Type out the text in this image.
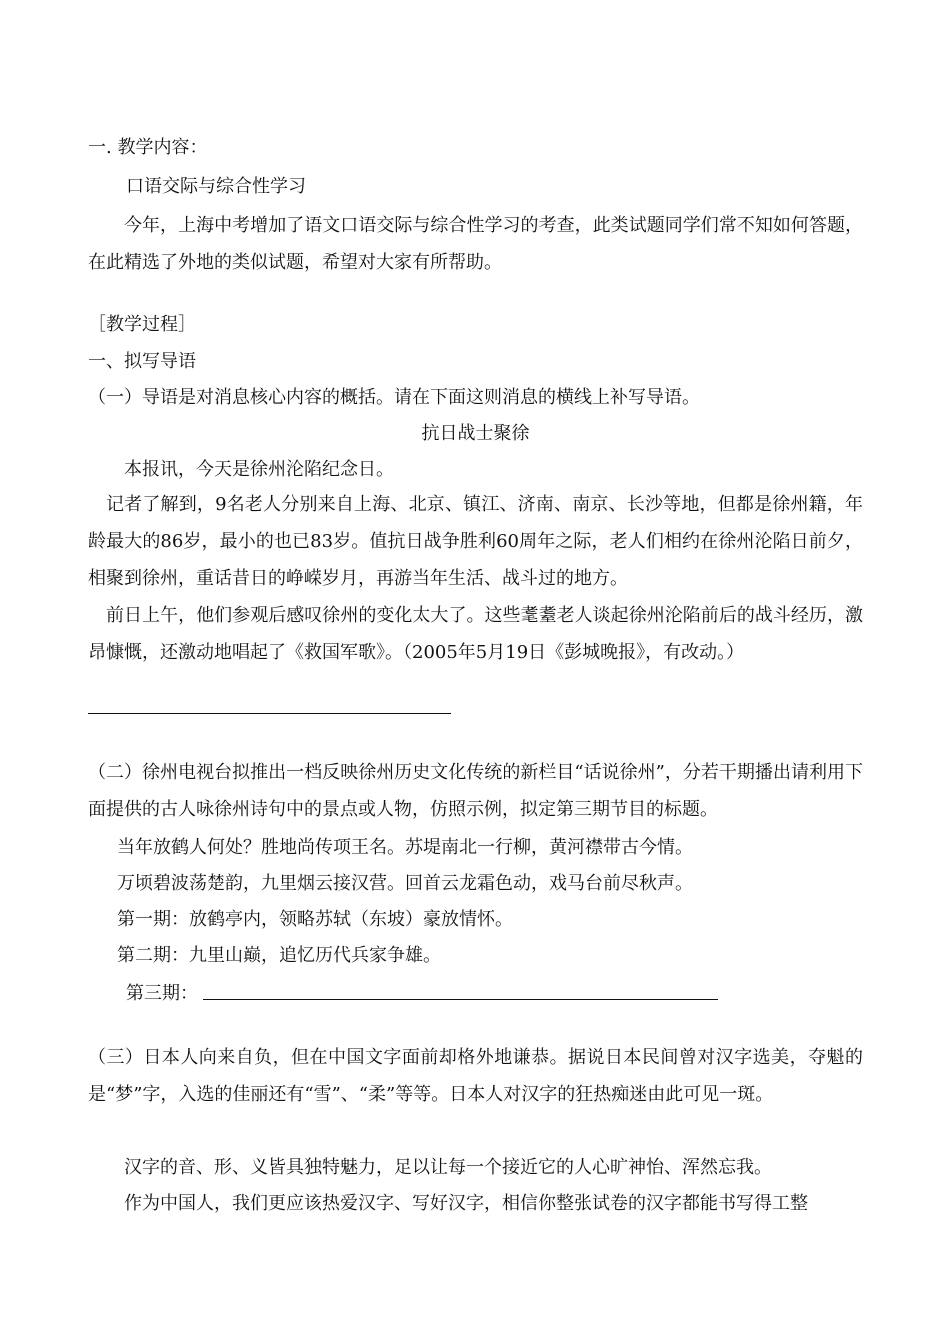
一. 教学内容：
口语交际与综合性学习
今年，上海中考增加了语文口语交际与综合性学习的考查，此类试题同学们常不知如何答题，在此精选了外地的类似试题，希望对大家有所帮助。
［教学过程］
一、拟写导语
（一）导语是对消息核心内容的概括。请在下面这则消息的横线上补写导语。
抗日战士聚徐
本报讯，今天是徐州沦陷纪念日。
记者了解到，9名老人分别来自上海、北京、镇江、济南、南京、长沙等地，但都是徐州籍，年龄最大的86岁，最小的也已83岁。值抗日战争胜利60周年之际，老人们相约在徐州沦陷日前夕，相聚到徐州，重话昔日的峥嵘岁月，再游当年生活、战斗过的地方。
前日上午，他们参观后感叹徐州的变化太大了。这些耄耋老人谈起徐州沦陷前后的战斗经历，激昂慷慨，还激动地唱起了《救国军歌》。（2005年5月19日《彭城晚报》，有改动。）
（二）徐州电视台拟推出一档反映徐州历史文化传统的新栏目“话说徐州”，分若干期播出请利用下面提供的古人咏徐州诗句中的景点或人物，仿照示例，拟定第三期节目的标题。
当年放鹤人何处？胜地尚传项王名。苏堤南北一行柳，黄河襟带古今情。
万顷碧波荡楚韵，九里烟云接汉营。回首云龙霜色动，戏马台前尽秋声。
第一期：放鹤亭内，领略苏轼（东坡）豪放情怀。
第二期：九里山巅，追忆历代兵家争雄。
第三期：
（三）日本人向来自负，但在中国文字面前却格外地谦恭。据说日本民间曾对汉字选美，夺魁的是“梦”字，入选的佳丽还有“雪”、“柔”等等。日本人对汉字的狂热痴迷由此可见一斑。
汉字的音、形、义皆具独特魅力，足以让每一个接近它的人心旷神怡、浑然忘我。
作为中国人，我们更应该热爱汉字、写好汉字，相信你整张试卷的汉字都能书写得工整
